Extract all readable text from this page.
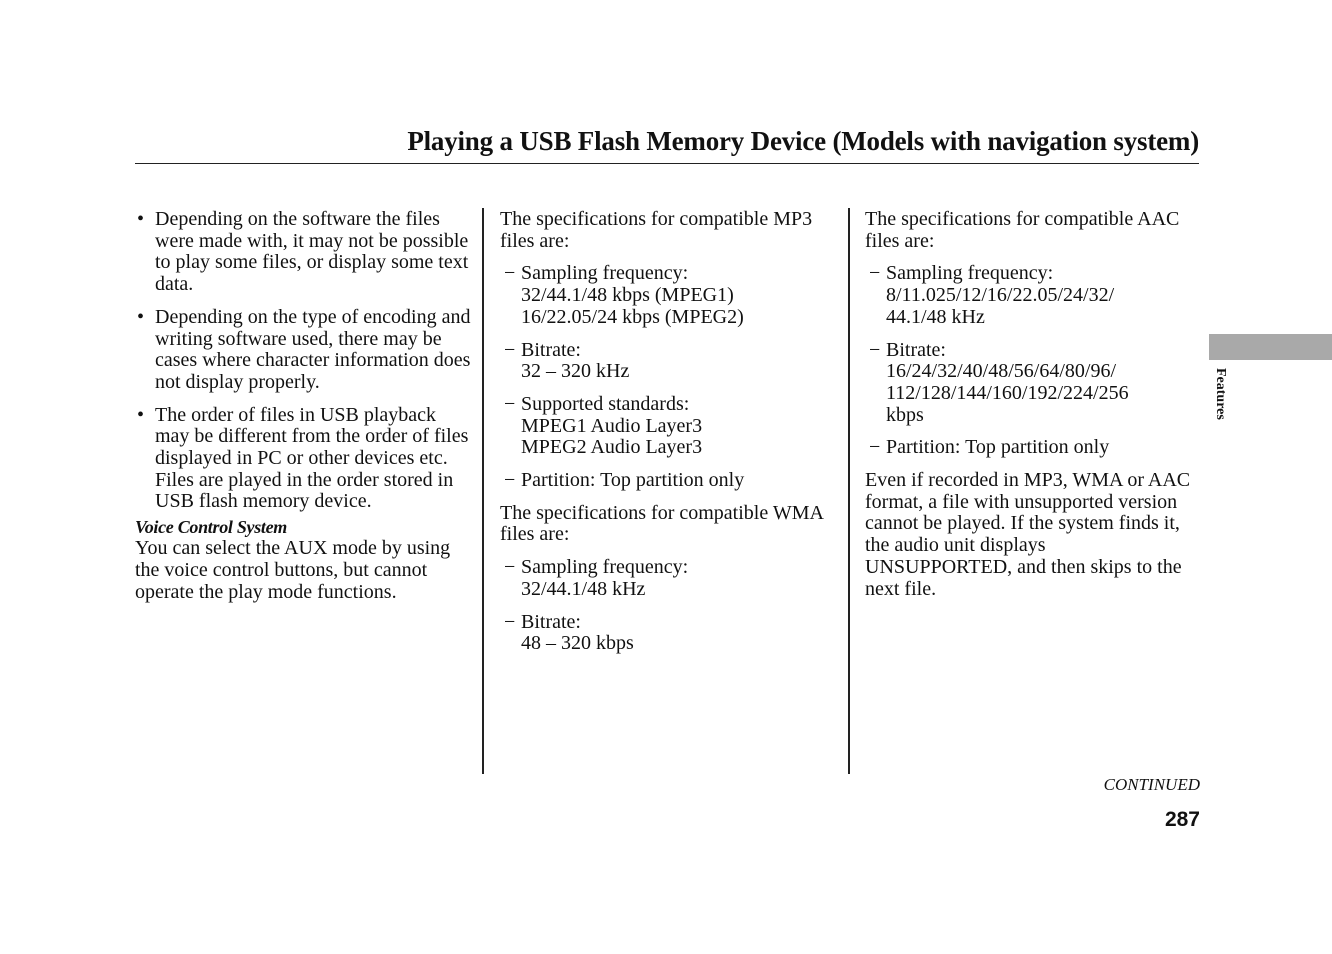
Playing a USB Flash Memory Device (Models with navigation system)
• Depending on the software the files were made with, it may not be possible to play some files, or display some text data.
• Depending on the type of encoding and writing software used, there may be cases where character information does not display properly.
• The order of files in USB playback may be different from the order of files displayed in PC or other devices etc. Files are played in the order stored in USB flash memory device.
Voice Control System

You can select the AUX mode by using the voice control buttons, but cannot operate the play mode functions.

The specifications for compatible MP3 files are:

− Sampling frequency:
32/44.1/48 kbps (MPEG1)
16/22.05/24 kbps (MPEG2)
− Bitrate:
32 – 320 kHz
− Supported standards:
MPEG1 Audio Layer3
MPEG2 Audio Layer3
− Partition: Top partition only

The specifications for compatible WMA files are:

− Sampling frequency:
32/44.1/48 kHz
− Bitrate:
48 – 320 kbps

The specifications for compatible AAC files are:

− Sampling frequency:
8/11.025/12/16/22.05/24/32/
44.1/48 kHz
− Bitrate:
16/24/32/40/48/56/64/80/96/
112/128/144/160/192/224/256
kbps
− Partition: Top partition only

Even if recorded in MP3, WMA or AAC format, a file with unsupported version cannot be played. If the system finds it, the audio unit displays UNSUPPORTED, and then skips to the next file.

Features
CONTINUED
287
